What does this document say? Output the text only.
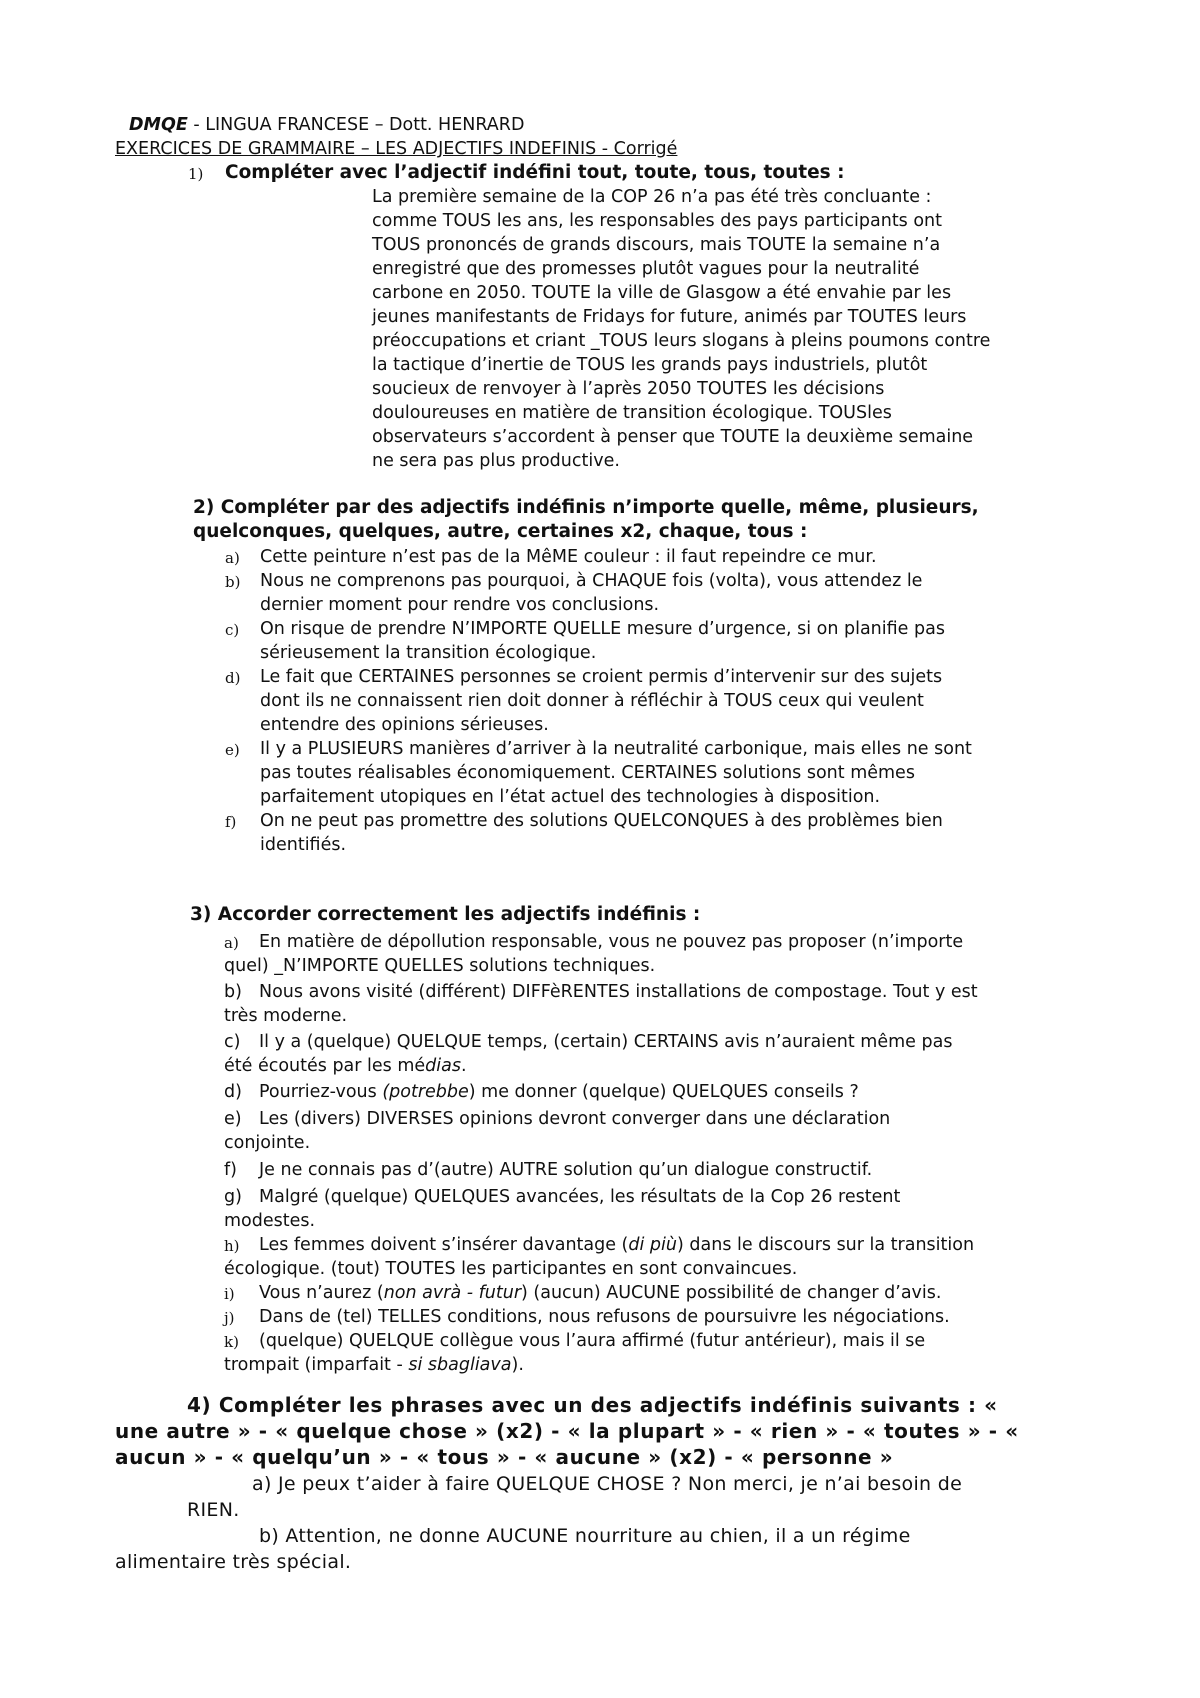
DMQE - LINGUA FRANCESE – Dott. HENRARD
EXERCICES DE GRAMMAIRE – LES ADJECTIFS INDEFINIS - Corrigé
1) Compléter avec l’adjectif indéfini tout, toute, tous, toutes :
La première semaine de la COP 26 n’a pas été très concluante :
comme TOUS les ans, les responsables des pays participants ont
TOUS prononcés de grands discours, mais TOUTE la semaine n’a
enregistré que des promesses plutôt vagues pour la neutralité
carbone en 2050. TOUTE la ville de Glasgow a été envahie par les
jeunes manifestants de Fridays for future, animés par TOUTES leurs
préoccupations et criant _TOUS leurs slogans à pleins poumons contre
la tactique d’inertie de TOUS les grands pays industriels, plutôt
soucieux de renvoyer à l’après 2050 TOUTES les décisions
douloureuses en matière de transition écologique. TOUSles
observateurs s’accordent à penser que TOUTE la deuxième semaine
ne sera pas plus productive.
2) Compléter par des adjectifs indéfinis n’importe quelle, même, plusieurs,
quelconques, quelques, autre, certaines x2, chaque, tous :
a) Cette peinture n’est pas de la MêME couleur : il faut repeindre ce mur.
b) Nous ne comprenons pas pourquoi, à CHAQUE fois (volta), vous attendez le
dernier moment pour rendre vos conclusions.
c) On risque de prendre N’IMPORTE QUELLE mesure d’urgence, si on planifie pas
sérieusement la transition écologique.
d) Le fait que CERTAINES personnes se croient permis d’intervenir sur des sujets
dont ils ne connaissent rien doit donner à réfléchir à TOUS ceux qui veulent
entendre des opinions sérieuses.
e) Il y a PLUSIEURS manières d’arriver à la neutralité carbonique, mais elles ne sont
pas toutes réalisables économiquement. CERTAINES solutions sont mêmes
parfaitement utopiques en l’état actuel des technologies à disposition.
f) On ne peut pas promettre des solutions QUELCONQUES à des problèmes bien
identifiés.
3) Accorder correctement les adjectifs indéfinis :
a) En matière de dépollution responsable, vous ne pouvez pas proposer (n’importe
quel) _N’IMPORTE QUELLES solutions techniques.
b) Nous avons visité (différent) DIFFèRENTES installations de compostage. Tout y est
très moderne.
c) Il y a (quelque) QUELQUE temps, (certain) CERTAINS avis n’auraient même pas
été écoutés par les médias.
d) Pourriez-vous (potrebbe) me donner (quelque) QUELQUES conseils ?
e) Les (divers) DIVERSES opinions devront converger dans une déclaration
conjointe.
f) Je ne connais pas d’(autre) AUTRE solution qu’un dialogue constructif.
g) Malgré (quelque) QUELQUES avancées, les résultats de la Cop 26 restent
modestes.
h) Les femmes doivent s’insérer davantage (di più) dans le discours sur la transition
écologique. (tout) TOUTES les participantes en sont convaincues.
i) Vous n’aurez (non avrà - futur) (aucun) AUCUNE possibilité de changer d’avis.
j) Dans de (tel) TELLES conditions, nous refusons de poursuivre les négociations.
k) (quelque) QUELQUE collègue vous l’aura affirmé (futur antérieur), mais il se
trompait (imparfait - si sbagliava).
4) Compléter les phrases avec un des adjectifs indéfinis suivants : «
une autre » - « quelque chose » (x2) - « la plupart » - « rien » - « toutes » - «
aucun » - « quelqu’un » - « tous » - « aucune » (x2) - « personne »
a) Je peux t’aider à faire QUELQUE CHOSE ? Non merci, je n’ai besoin de
RIEN.
b) Attention, ne donne AUCUNE nourriture au chien, il a un régime
alimentaire très spécial.
